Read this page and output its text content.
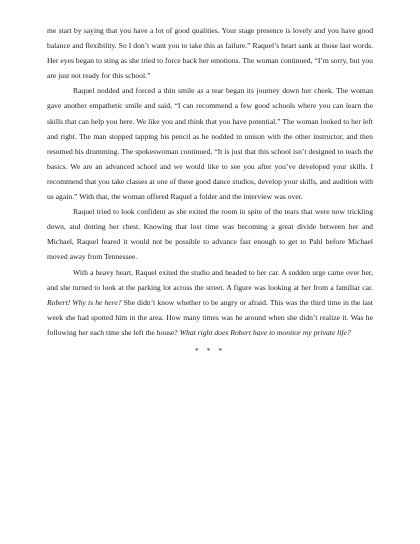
me start by saying that you have a lot of good qualities. Your stage presence is lovely and you have good balance and flexibility. So I don’t want you to take this as failure.” Raquel’s heart sank at those last words. Her eyes began to sting as she tried to force back her emotions. The woman continued, “I’m sorry, but you are just not ready for this school.”

Raquel nodded and forced a thin smile as a tear began its journey down her cheek. The woman gave another empathetic smile and said, “I can recommend a few good schools where you can learn the skills that can help you here. We like you and think that you have potential.” The woman looked to her left and right. The man stopped tapping his pencil as he nodded in unison with the other instructor, and then resumed his drumming. The spokeswoman continued, “It is just that this school isn’t designed to teach the basics. We are an advanced school and we would like to see you after you’ve developed your skills. I recommend that you take classes at one of these good dance studios, develop your skills, and audition with us again.” With that, the woman offered Raquel a folder and the interview was over.

Raquel tried to look confident as she exited the room in spite of the tears that were now trickling down, and dotting her chest. Knowing that lost time was becoming a great divide between her and Michael, Raquel feared it would not be possible to advance fast enough to get to Pahl before Michael moved away from Tennessee.

With a heavy heart, Raquel exited the studio and headed to her car. A sudden urge came over her, and she turned to look at the parking lot across the street. A figure was looking at her from a familiar car. Robert! Why is he here? She didn’t know whether to be angry or afraid. This was the third time in the last week she had spotted him in the area. How many times was he around when she didn’t realize it. Was he following her each time she left the house? What right does Robert have to monitor my private life?

* * *
